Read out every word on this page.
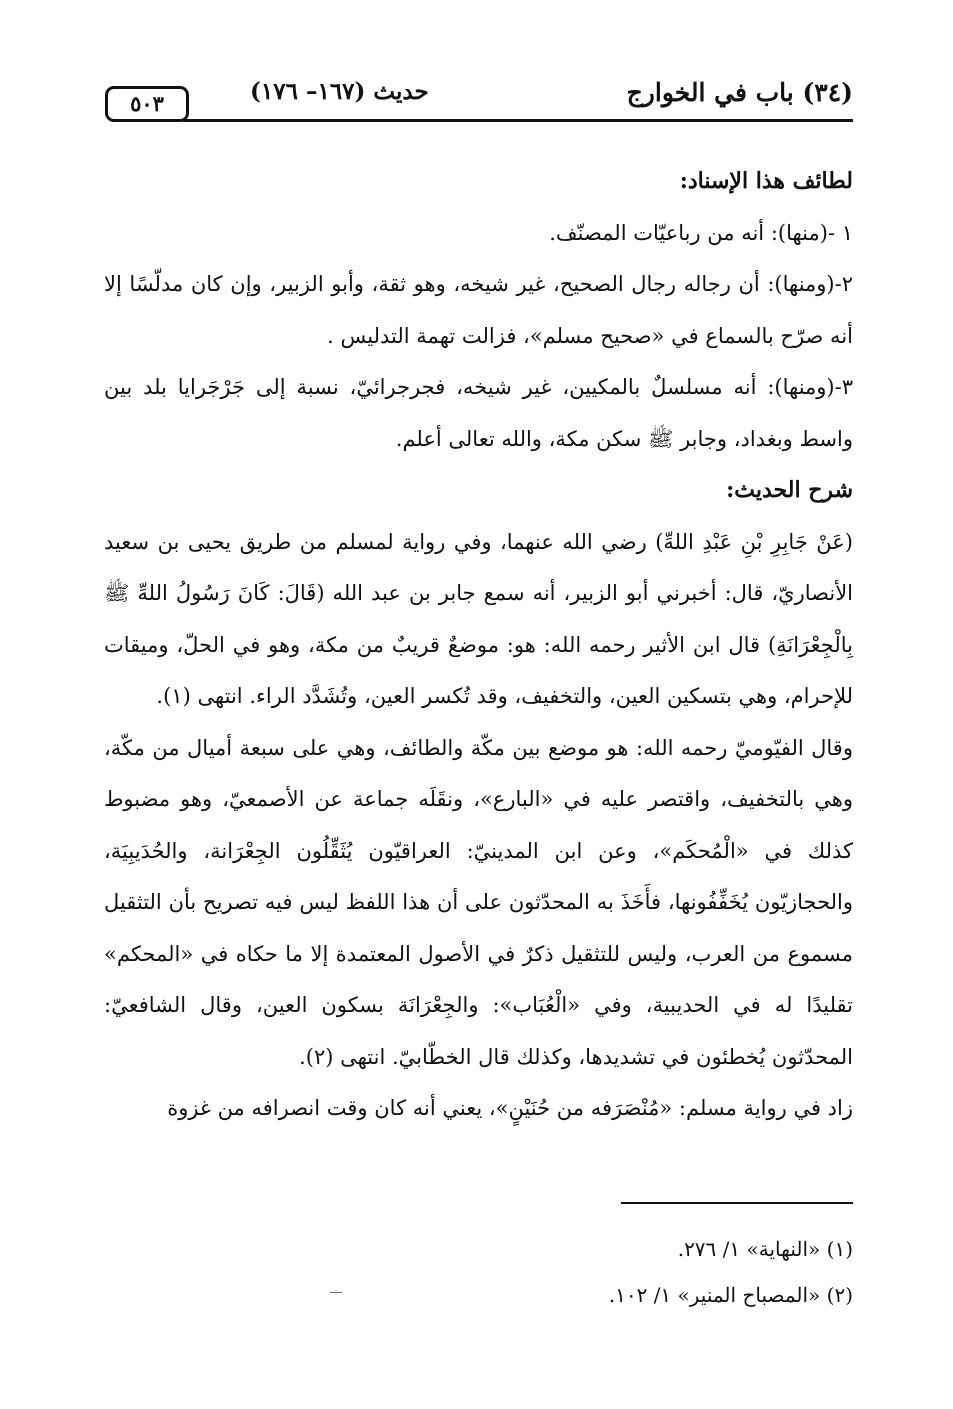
(٣٤) باب في الخوارج
حديث (١٦٧– ١٧٦)
٥٠٣

لطائف هذا الإسناد:

١ -(منها): أنه من رباعيّات المصنّف.

٢-(ومنها): أن رجاله رجال الصحيح، غير شيخه، وهو ثقة، وأبو الزبير، وإن كان مدلّسًا إلا أنه صرّح بالسماع في «صحيح مسلم»، فزالت تهمة التدليس .

٣-(ومنها): أنه مسلسلٌ بالمكيين، غير شيخه، فجرجرائيّ، نسبة إلى جَرْجَرايا بلد بين واسط وبغداد، وجابر ﷺ سكن مكة، والله تعالى أعلم.

شرح الحديث:

(عَنْ جَابِرِ بْنِ عَبْدِ اللهِّ) رضي الله عنهما، وفي رواية لمسلم من طريق يحيى بن سعيد الأنصاريّ، قال: أخبرني أبو الزبير، أنه سمع جابر بن عبد الله (قَالَ: كَانَ رَسُولُ اللهِّ ﷺ بِالْجِعْرَانَةِ) قال ابن الأثير رحمه الله: هو: موضعٌ قريبٌ من مكة، وهو في الحلّ، وميقات للإحرام، وهي بتسكين العين، والتخفيف، وقد تُكسر العين، وتُشَدَّد الراء. انتهى (١).

وقال الفيّوميّ رحمه الله: هو موضع بين مكّة والطائف، وهي على سبعة أميال من مكّة، وهي بالتخفيف، واقتصر عليه في «البارع»، ونقَلَه جماعة عن الأصمعيّ، وهو مضبوط كذلك في «الْمُحكَم»، وعن ابن المدينيّ: العراقيّون يُثَقِّلُون الجِعْرَانة، والحُدَيبِيَة، والحجازيّون يُخَفِّفُونها، فأَخَذَ به المحدّثون على أن هذا اللفظ ليس فيه تصريح بأن التثقيل مسموع من العرب، وليس للتثقيل ذكرٌ في الأصول المعتمدة إلا ما حكاه في «المحكم» تقليدًا له في الحديبية، وفي «الْعُبَاب»: والجِعْرَانَة بسكون العين، وقال الشافعيّ: المحدّثون يُخطئون في تشديدها، وكذلك قال الخطّابيّ. انتهى (٢).

زاد في رواية مسلم: «مُنْصَرَفه من حُنَيْنٍ»، يعني أنه كان وقت انصرافه من غزوة

(١) «النهاية» ١/ ٢٧٦.

(٢) «المصباح المنير» ١/ ١٠٢.
